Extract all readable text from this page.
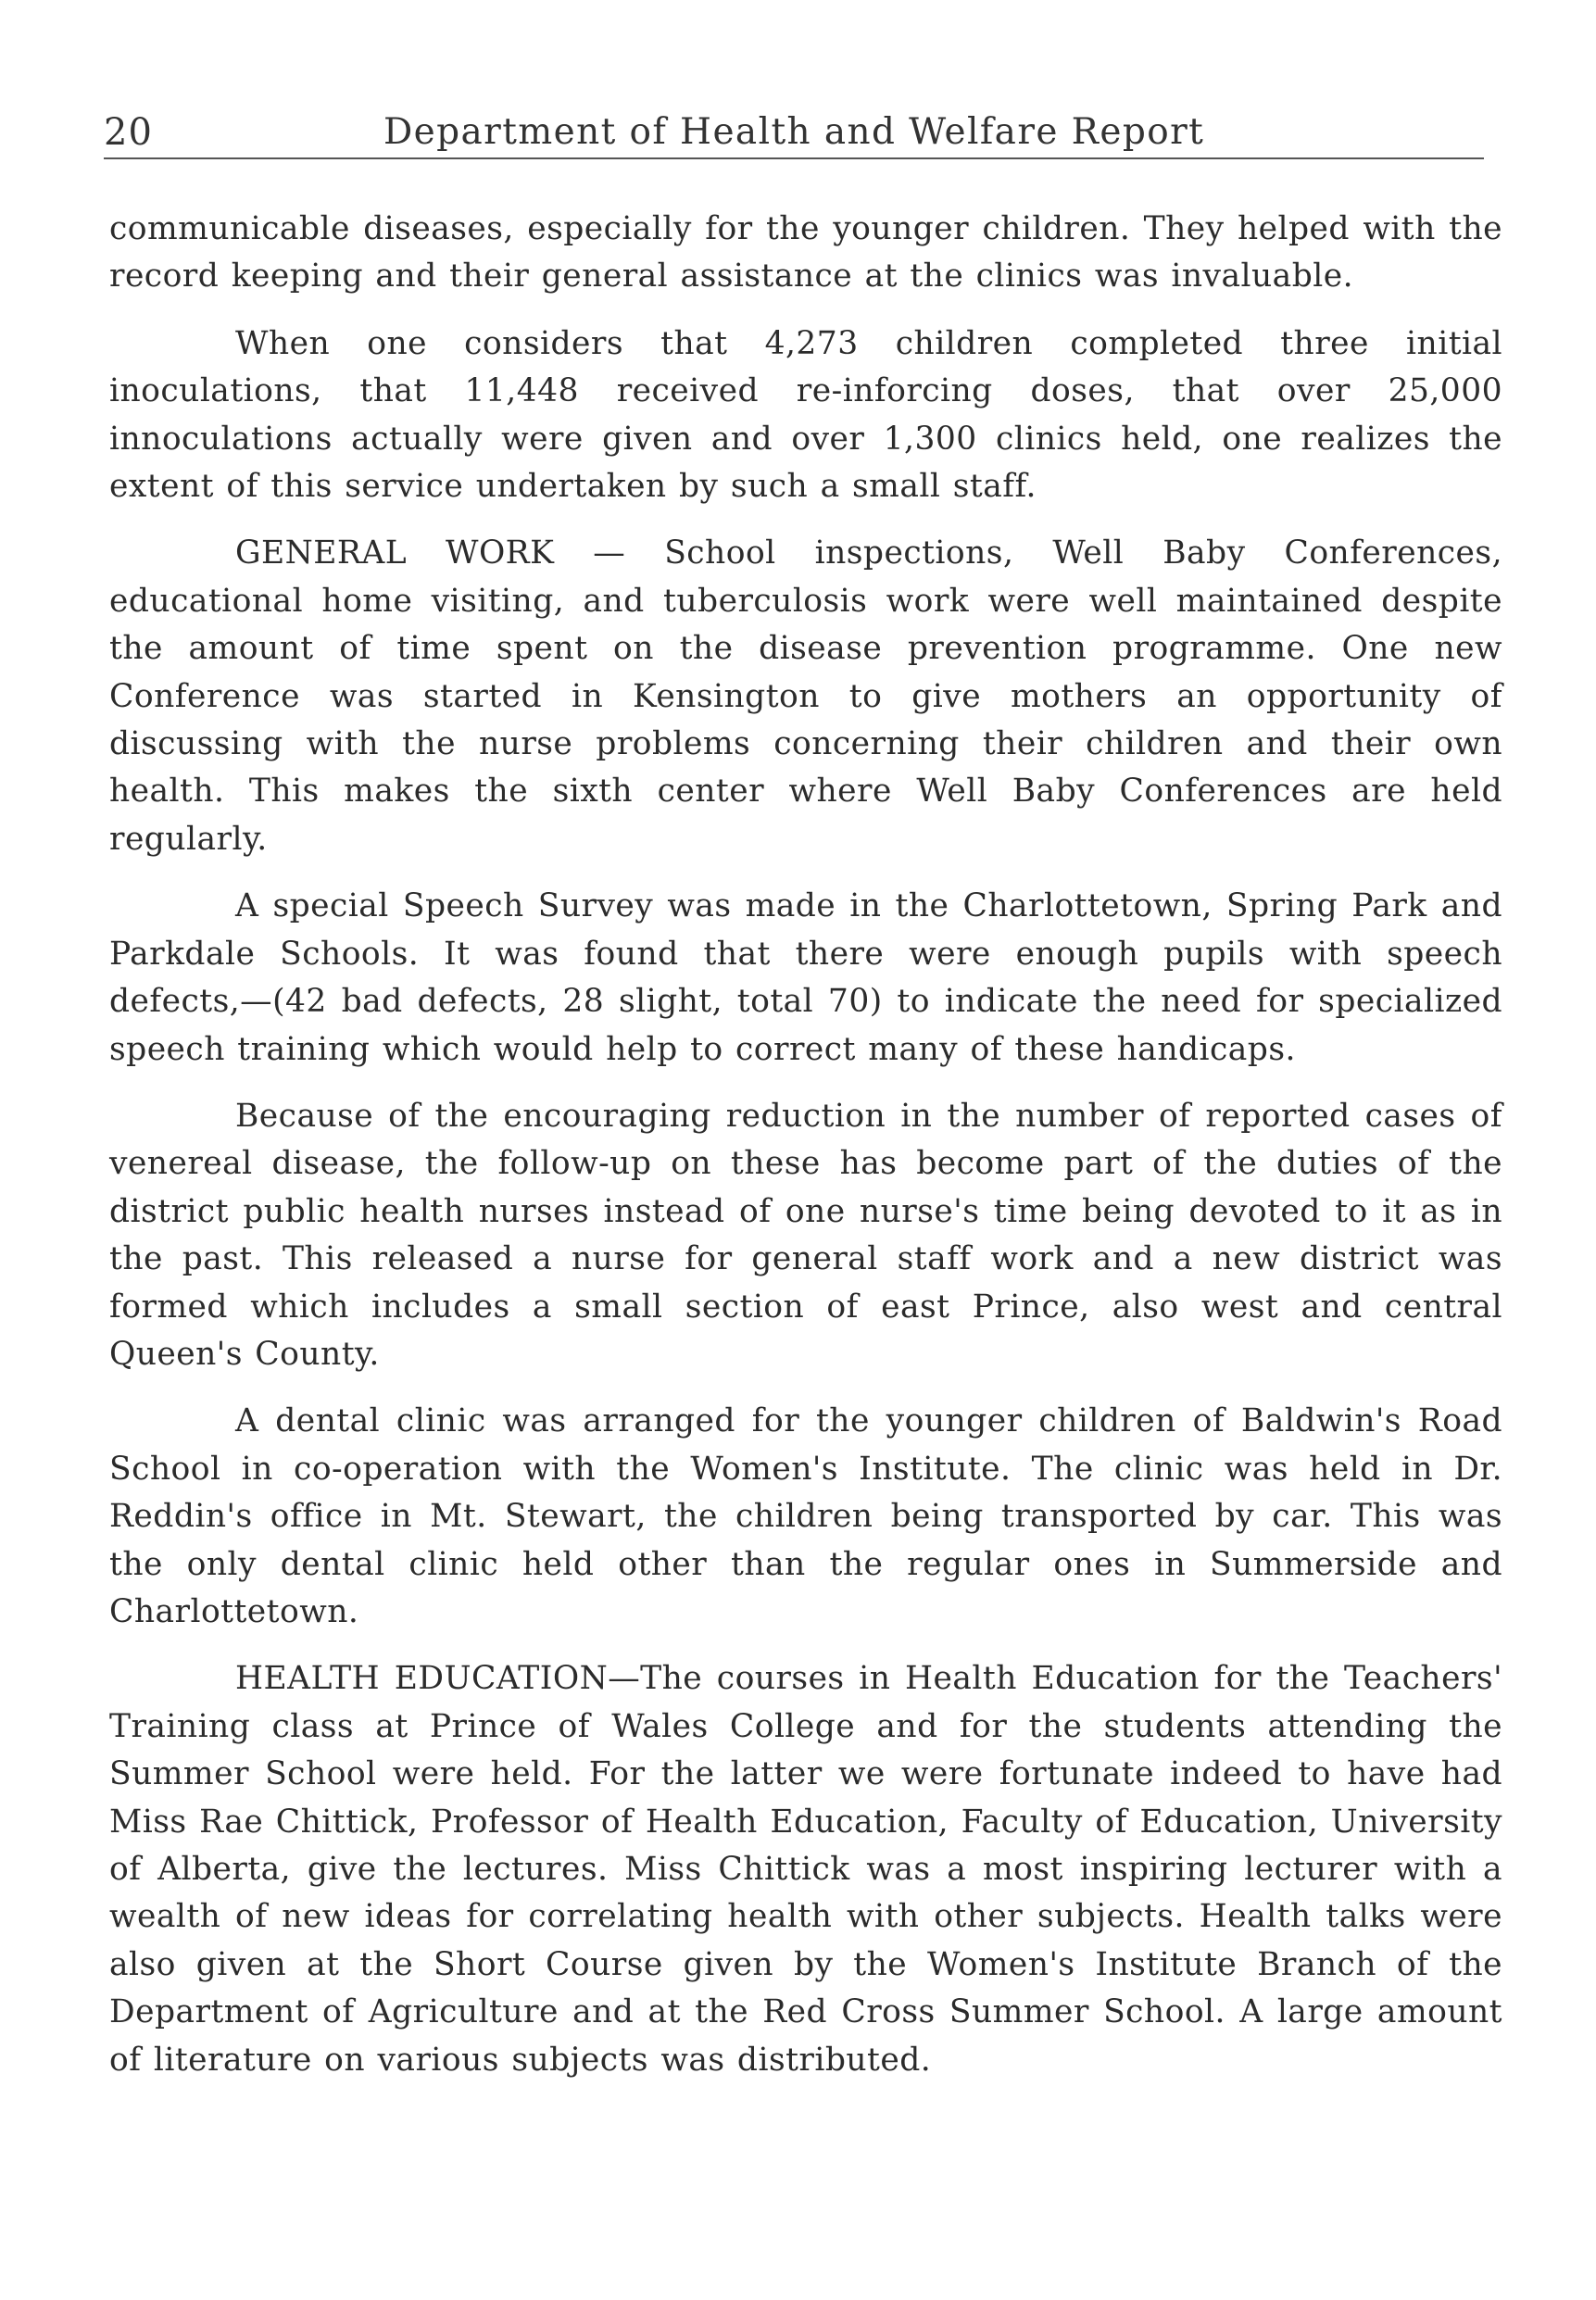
20	Department of Health and Welfare Report

communicable diseases, especially for the younger children. They helped with the record keeping and their general assistance at the clinics was invaluable.

When one considers that 4,273 children completed three initial inoculations, that 11,448 received re-inforcing doses, that over 25,000 innoculations actually were given and over 1,300 clinics held, one realizes the extent of this service undertaken by such a small staff.

GENERAL WORK — School inspections, Well Baby Conferences, educational home visiting, and tuberculosis work were well maintained despite the amount of time spent on the disease prevention programme. One new Conference was started in Kensington to give mothers an opportunity of discussing with the nurse problems concerning their children and their own health. This makes the sixth center where Well Baby Conferences are held regularly.

A special Speech Survey was made in the Charlottetown, Spring Park and Parkdale Schools. It was found that there were enough pupils with speech defects,—(42 bad defects, 28 slight, total 70) to indicate the need for specialized speech training which would help to correct many of these handicaps.

Because of the encouraging reduction in the number of reported cases of venereal disease, the follow-up on these has become part of the duties of the district public health nurses instead of one nurse's time being devoted to it as in the past. This released a nurse for general staff work and a new district was formed which includes a small section of east Prince, also west and central Queen's County.

A dental clinic was arranged for the younger children of Baldwin's Road School in co-operation with the Women's Institute. The clinic was held in Dr. Reddin's office in Mt. Stewart, the children being transported by car. This was the only dental clinic held other than the regular ones in Summerside and Charlottetown.

HEALTH EDUCATION—The courses in Health Education for the Teachers' Training class at Prince of Wales College and for the students attending the Summer School were held. For the latter we were fortunate indeed to have had Miss Rae Chittick, Professor of Health Education, Faculty of Education, University of Alberta, give the lectures. Miss Chittick was a most inspiring lecturer with a wealth of new ideas for correlating health with other subjects. Health talks were also given at the Short Course given by the Women's Institute Branch of the Department of Agriculture and at the Red Cross Summer School. A large amount of literature on various subjects was distributed.
